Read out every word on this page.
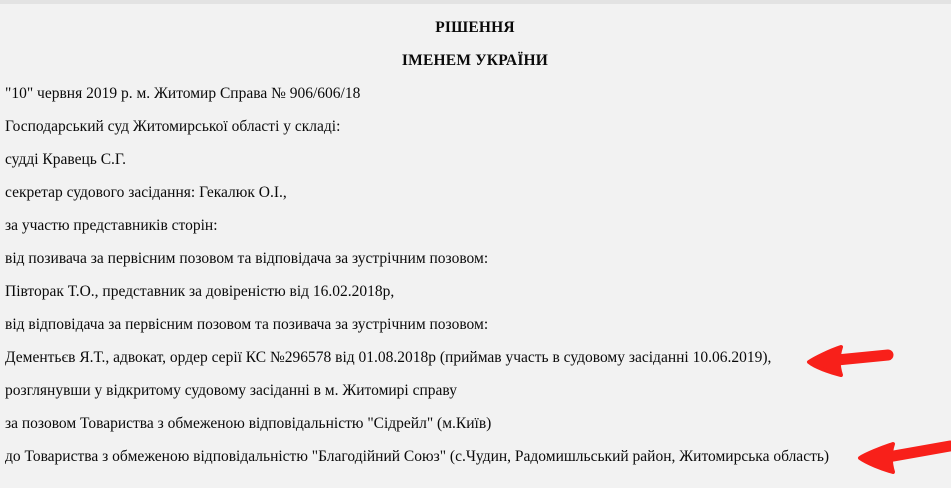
РІШЕННЯ
ІМЕНЕМ УКРАЇНИ

"10" червня 2019 р. м. Житомир Справа № 906/606/18

Господарський суд Житомирської області у складі:

судді Кравець С.Г.

секретар судового засідання: Гекалюк О.І.,

за участю представників сторін:

від позивача за первісним позовом та відповідача за зустрічним позовом:

Півторак Т.О., представник за довіреністю від 16.02.2018р,

від відповідача за первісним позовом та позивача за зустрічним позовом:

Дементьєв Я.Т., адвокат, ордер серії КС №296578 від 01.08.2018р (приймав участь в судовому засіданні 10.06.2019),

розглянувши у відкритому судовому засіданні в м. Житомирі справу

за позовом Товариства з обмеженою відповідальністю "Сідрейл" (м.Київ)

до Товариства з обмеженою відповідальністю "Благодійний Союз" (с.Чудин, Радомишльський район, Житомирська область)
